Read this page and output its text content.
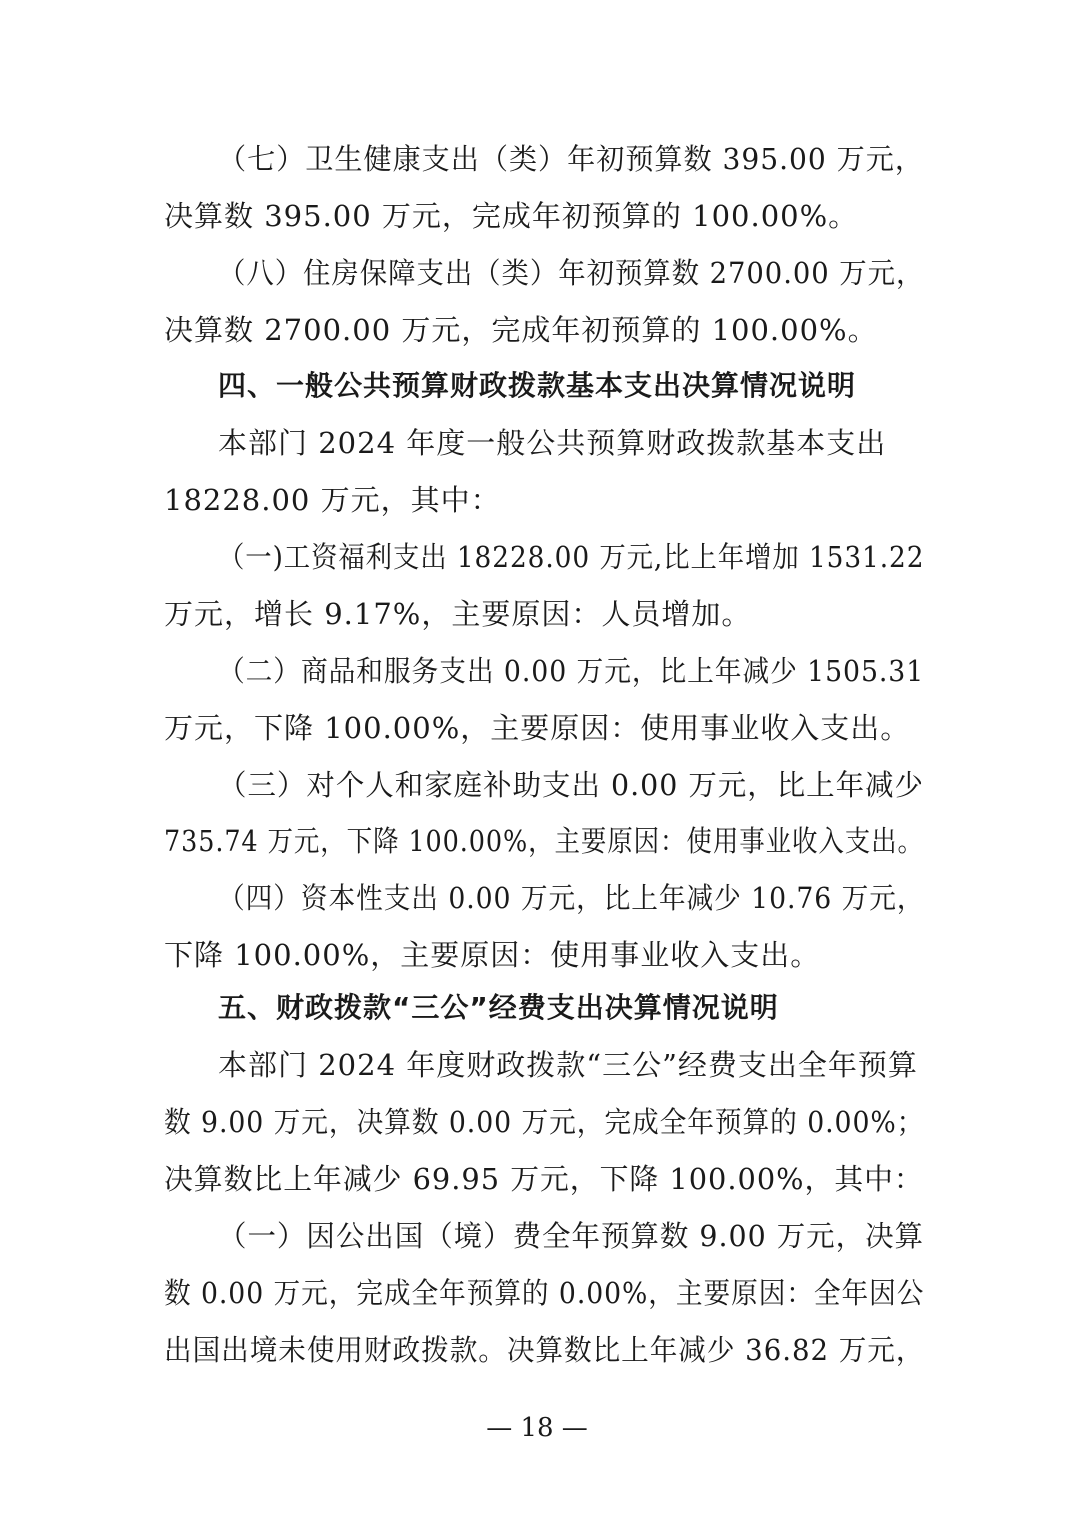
（七）卫生健康支出（类）年初预算数 395.00 万元，
决算数 395.00 万元，完成年初预算的 100.00%。
（八）住房保障支出（类）年初预算数 2700.00 万元，
决算数 2700.00 万元，完成年初预算的 100.00%。
四、一般公共预算财政拨款基本支出决算情况说明
本部门 2024 年度一般公共预算财政拨款基本支出
18228.00 万元，其中：
（一)工资福利支出 18228.00 万元,比上年增加 1531.22
万元，增长 9.17%，主要原因：人员增加。
（二）商品和服务支出 0.00 万元，比上年减少 1505.31
万元，下降 100.00%，主要原因：使用事业收入支出。
（三）对个人和家庭补助支出 0.00 万元，比上年减少
735.74 万元，下降 100.00%，主要原因：使用事业收入支出。
（四）资本性支出 0.00 万元，比上年减少 10.76 万元，
下降 100.00%，主要原因：使用事业收入支出。
五、财政拨款“三公”经费支出决算情况说明
本部门 2024 年度财政拨款“三公”经费支出全年预算
数 9.00 万元，决算数 0.00 万元，完成全年预算的 0.00%；
决算数比上年减少 69.95 万元，下降 100.00%，其中：
（一）因公出国（境）费全年预算数 9.00 万元，决算
数 0.00 万元，完成全年预算的 0.00%，主要原因：全年因公
出国出境未使用财政拨款。决算数比上年减少 36.82 万元，
— 18 —
